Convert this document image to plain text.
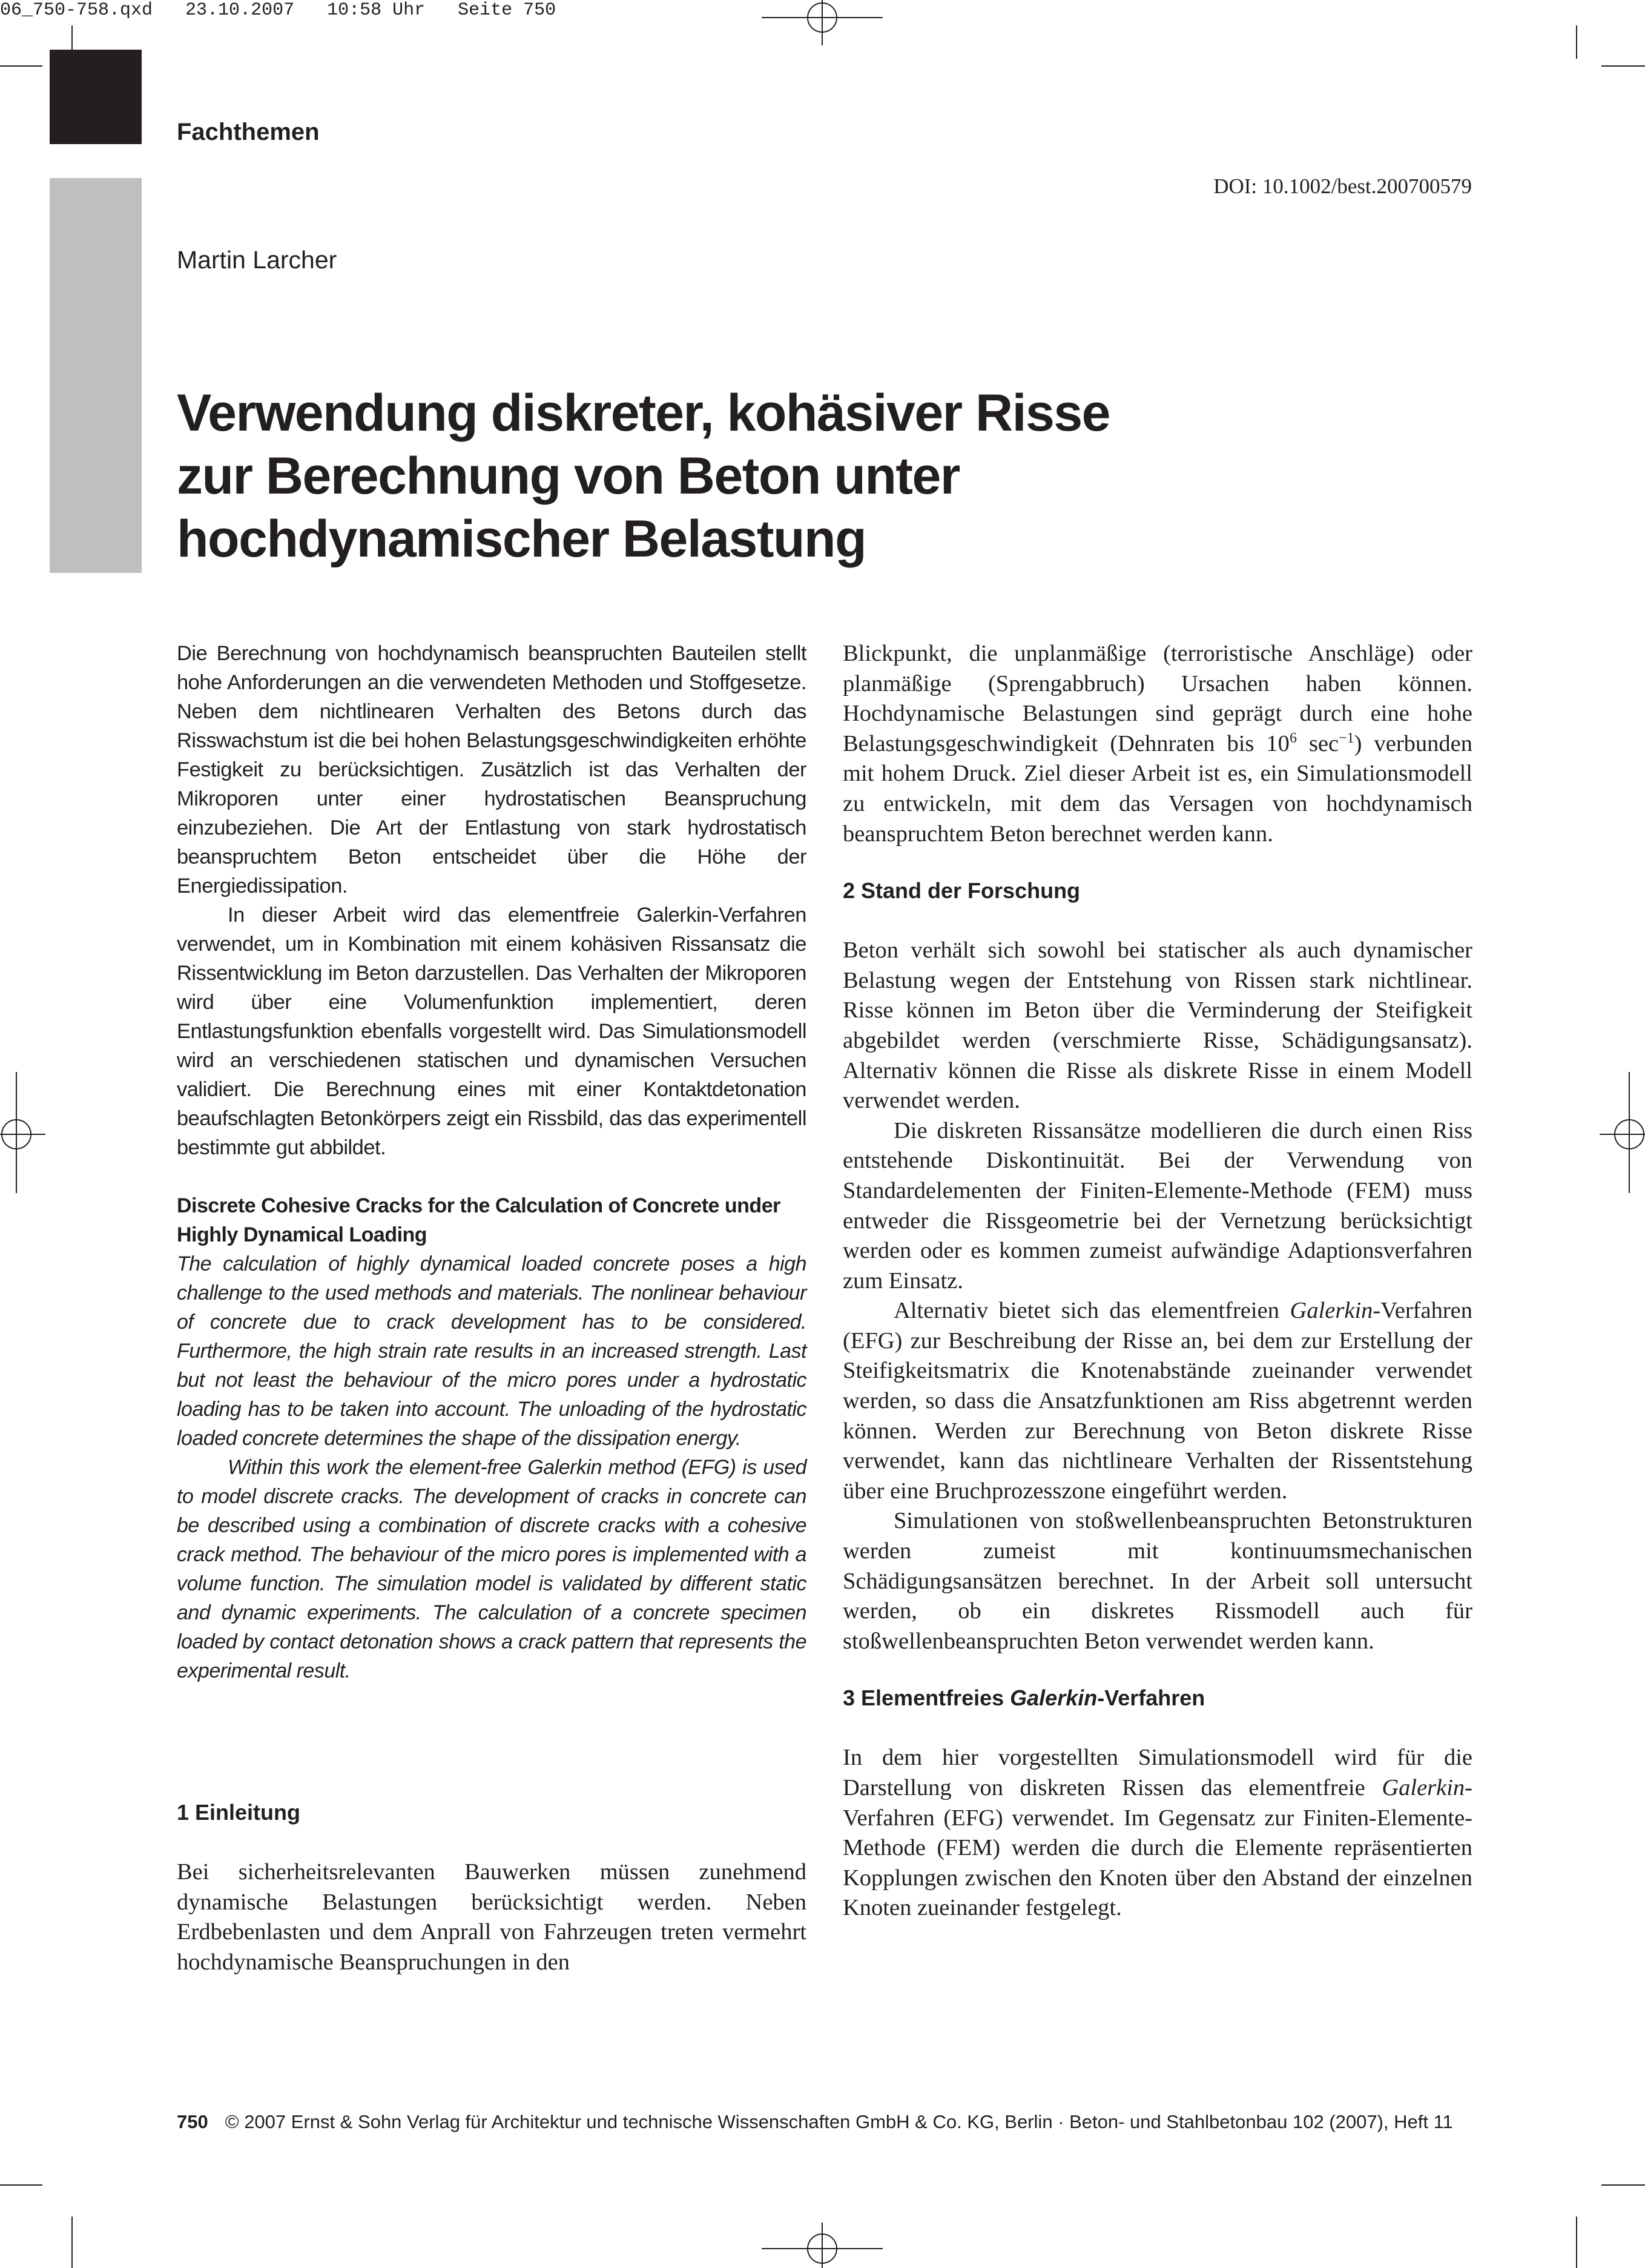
06_750-758.qxd   23.10.2007   10:58 Uhr   Seite 750
Fachthemen
DOI: 10.1002/best.200700579
Martin Larcher
Verwendung diskreter, kohäsiver Risse
zur Berechnung von Beton unter
hochdynamischer Belastung

Die Berechnung von hochdynamisch beanspruchten Bauteilen stellt hohe Anforderungen an die verwendeten Methoden und Stoffgesetze. Neben dem nichtlinearen Verhalten des Betons durch das Risswachstum ist die bei hohen Belastungsgeschwindigkeiten erhöhte Festigkeit zu berücksichtigen. Zusätzlich ist das Verhalten der Mikroporen unter einer hydrostatischen Beanspruchung einzubeziehen. Die Art der Entlastung von stark hydrostatisch beanspruchtem Beton entscheidet über die Höhe der Energiedissipation.

In dieser Arbeit wird das elementfreie Galerkin-Verfahren verwendet, um in Kombination mit einem kohäsiven Rissansatz die Rissentwicklung im Beton darzustellen. Das Verhalten der Mikroporen wird über eine Volumenfunktion implementiert, deren Entlastungsfunktion ebenfalls vorgestellt wird. Das Simulationsmodell wird an verschiedenen statischen und dynamischen Versuchen validiert. Die Berechnung eines mit einer Kontaktdetonation beaufschlagten Betonkörpers zeigt ein Rissbild, das das experimentell bestimmte gut abbildet.

Discrete Cohesive Cracks for the Calculation of Concrete under Highly Dynamical Loading

The calculation of highly dynamical loaded concrete poses a high challenge to the used methods and materials. The nonlinear behaviour of concrete due to crack development has to be considered. Furthermore, the high strain rate results in an increased strength. Last but not least the behaviour of the micro pores under a hydrostatic loading has to be taken into account. The unloading of the hydrostatic loaded concrete determines the shape of the dissipation energy.

Within this work the element-free Galerkin method (EFG) is used to model discrete cracks. The development of cracks in concrete can be described using a combination of discrete cracks with a cohesive crack method. The behaviour of the micro pores is implemented with a volume function. The simulation model is validated by different static and dynamic experiments. The calculation of a concrete specimen loaded by contact detonation shows a crack pattern that represents the experimental result.

1 Einleitung

Bei sicherheitsrelevanten Bauwerken müssen zunehmend dynamische Belastungen berücksichtigt werden. Neben Erdbebenlasten und dem Anprall von Fahrzeugen treten vermehrt hochdynamische Beanspruchungen in den

Blickpunkt, die unplanmäßige (terroristische Anschläge) oder planmäßige (Sprengabbruch) Ursachen haben können. Hochdynamische Belastungen sind geprägt durch eine hohe Belastungsgeschwindigkeit (Dehnraten bis $10^6$ $\sec^{-1}$) verbunden mit hohem Druck. Ziel dieser Arbeit ist es, ein Simulationsmodell zu entwickeln, mit dem das Versagen von hochdynamisch beanspruchtem Beton berechnet werden kann.

2 Stand der Forschung

Beton verhält sich sowohl bei statischer als auch dynamischer Belastung wegen der Entstehung von Rissen stark nichtlinear. Risse können im Beton über die Verminderung der Steifigkeit abgebildet werden (verschmierte Risse, Schädigungsansatz). Alternativ können die Risse als diskrete Risse in einem Modell verwendet werden.

Die diskreten Rissansätze modellieren die durch einen Riss entstehende Diskontinuität. Bei der Verwendung von Standardelementen der Finiten-Elemente-Methode (FEM) muss entweder die Rissgeometrie bei der Vernetzung berücksichtigt werden oder es kommen zumeist aufwändige Adaptionsverfahren zum Einsatz.

Alternativ bietet sich das elementfreien Galerkin-Verfahren (EFG) zur Beschreibung der Risse an, bei dem zur Erstellung der Steifigkeitsmatrix die Knotenabstände zueinander verwendet werden, so dass die Ansatzfunktionen am Riss abgetrennt werden können. Werden zur Berechnung von Beton diskrete Risse verwendet, kann das nichtlineare Verhalten der Rissentstehung über eine Bruchprozesszone eingeführt werden.

Simulationen von stoßwellenbeanspruchten Betonstrukturen werden zumeist mit kontinuumsmechanischen Schädigungsansätzen berechnet. In der Arbeit soll untersucht werden, ob ein diskretes Rissmodell auch für stoßwellenbeanspruchten Beton verwendet werden kann.

3 Elementfreies Galerkin-Verfahren

In dem hier vorgestellten Simulationsmodell wird für die Darstellung von diskreten Rissen das elementfreie Galerkin-Verfahren (EFG) verwendet. Im Gegensatz zur Finiten-Elemente-Methode (FEM) werden die durch die Elemente repräsentierten Kopplungen zwischen den Knoten über den Abstand der einzelnen Knoten zueinander festgelegt.

750 © 2007 Ernst & Sohn Verlag für Architektur und technische Wissenschaften GmbH & Co. KG, Berlin · Beton- und Stahlbetonbau 102 (2007), Heft 11
